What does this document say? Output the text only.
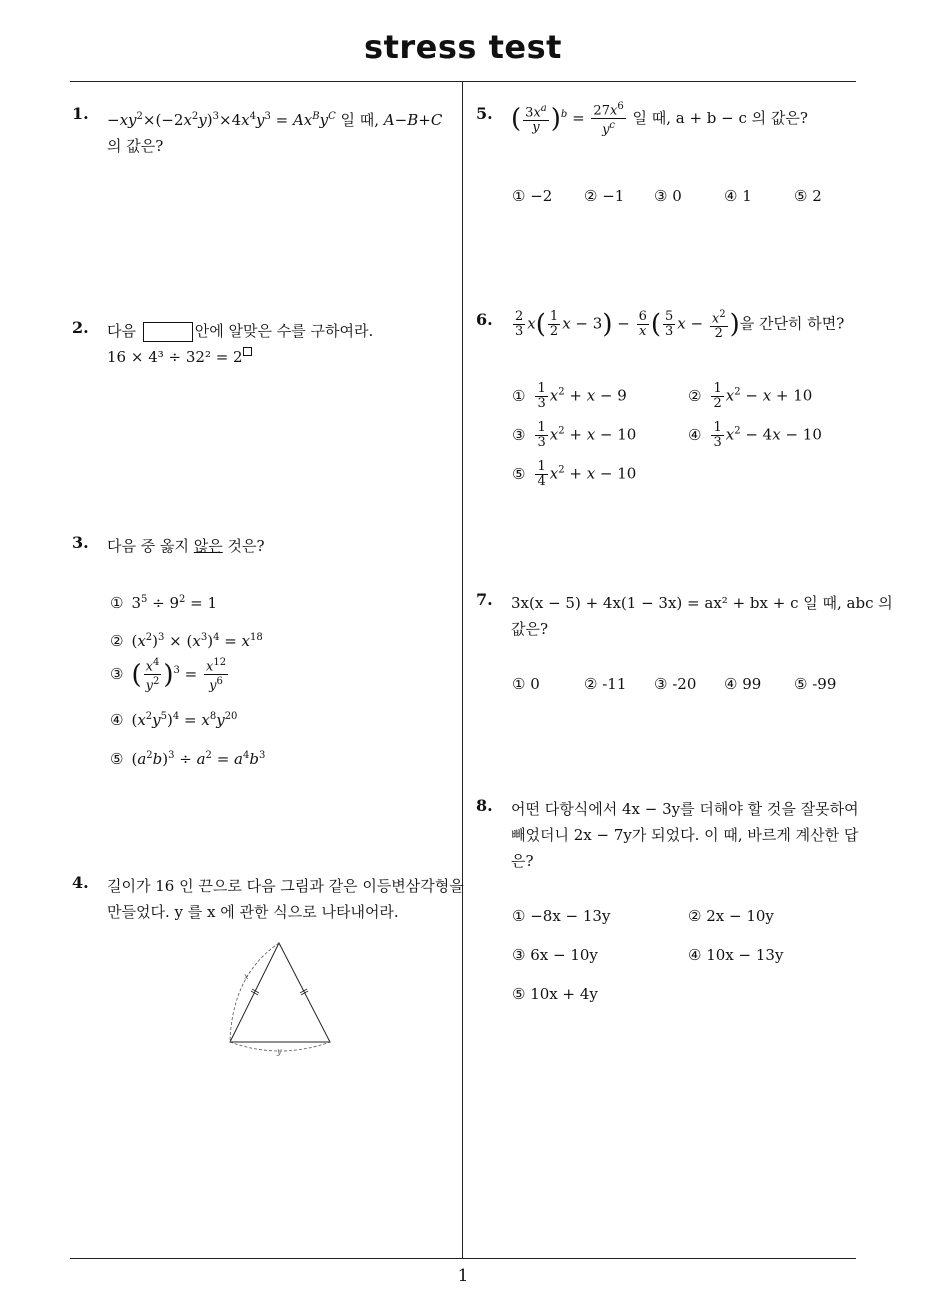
stress test
1
1. $-xy^2\times(-2x^2y)^3\times 4x^4y^3 = Ax^By^C$ 일 때, A−B+C
의 값은?
2. 다음	안에 알맞은 수를 구하여라.
16 × 4³ ÷ 32² = 2
3. 다음 중 옳지 않은 것은?
① $3^5 \div 9^2 = 1$
② $(x^2)^3 \times (x^3)^4 = x^{18}$
③ ( $\frac{x^4}{y^2} )^3 = \frac{x^{12}}{y^6}$
④ $(x^2y^5)^4 = x^8y^{20}$
⑤ $(a^2b)^3 \div a^2 = a^4b^3$
4. 길이가 16 인 끈으로 다음 그림과 같은 이등변삼각형을
만들었다. y 를 x 에 관한 식으로 나타내어라.
x
y
5. ( $\frac{3x^a}{y} )^b = \frac{27x^6}{y^c}$ 일 때, a + b − c 의 값은?
① −2 ② −1 ③ 0	④ 1	⑤ 2
6. $\frac{2}{3} x( \frac{1}{2}$ $x - 3) - \frac{6}{x}$ ( $\frac{5}{3}$ $x - \frac{x^2}{2}$ )을 간단히 하면?
① $\frac{1}{3} x^2 + x - 9$	② $\frac{1}{2} x^2 - x + 10$
③ $\frac{1}{3} x^2 + x - 10$	④ $\frac{1}{3} x^2 - 4x - 10$
⑤ $\frac{1}{4} x^2 + x - 10$
7. 3x(x − 5) + 4x(1 − 3x) = ax² + bx + c 일 때, abc 의
값은?
① 0	② -11 ③ -20 ④ 99 ⑤ -99
8. 어떤 다항식에서 4x − 3y를 더해야 할 것을 잘못하여
빼었더니 2x − 7y가 되었다. 이 때, 바르게 계산한 답
은?
① −8x − 13y	② 2x − 10y
③ 6x − 10y	④ 10x − 13y
⑤ 10x + 4y
